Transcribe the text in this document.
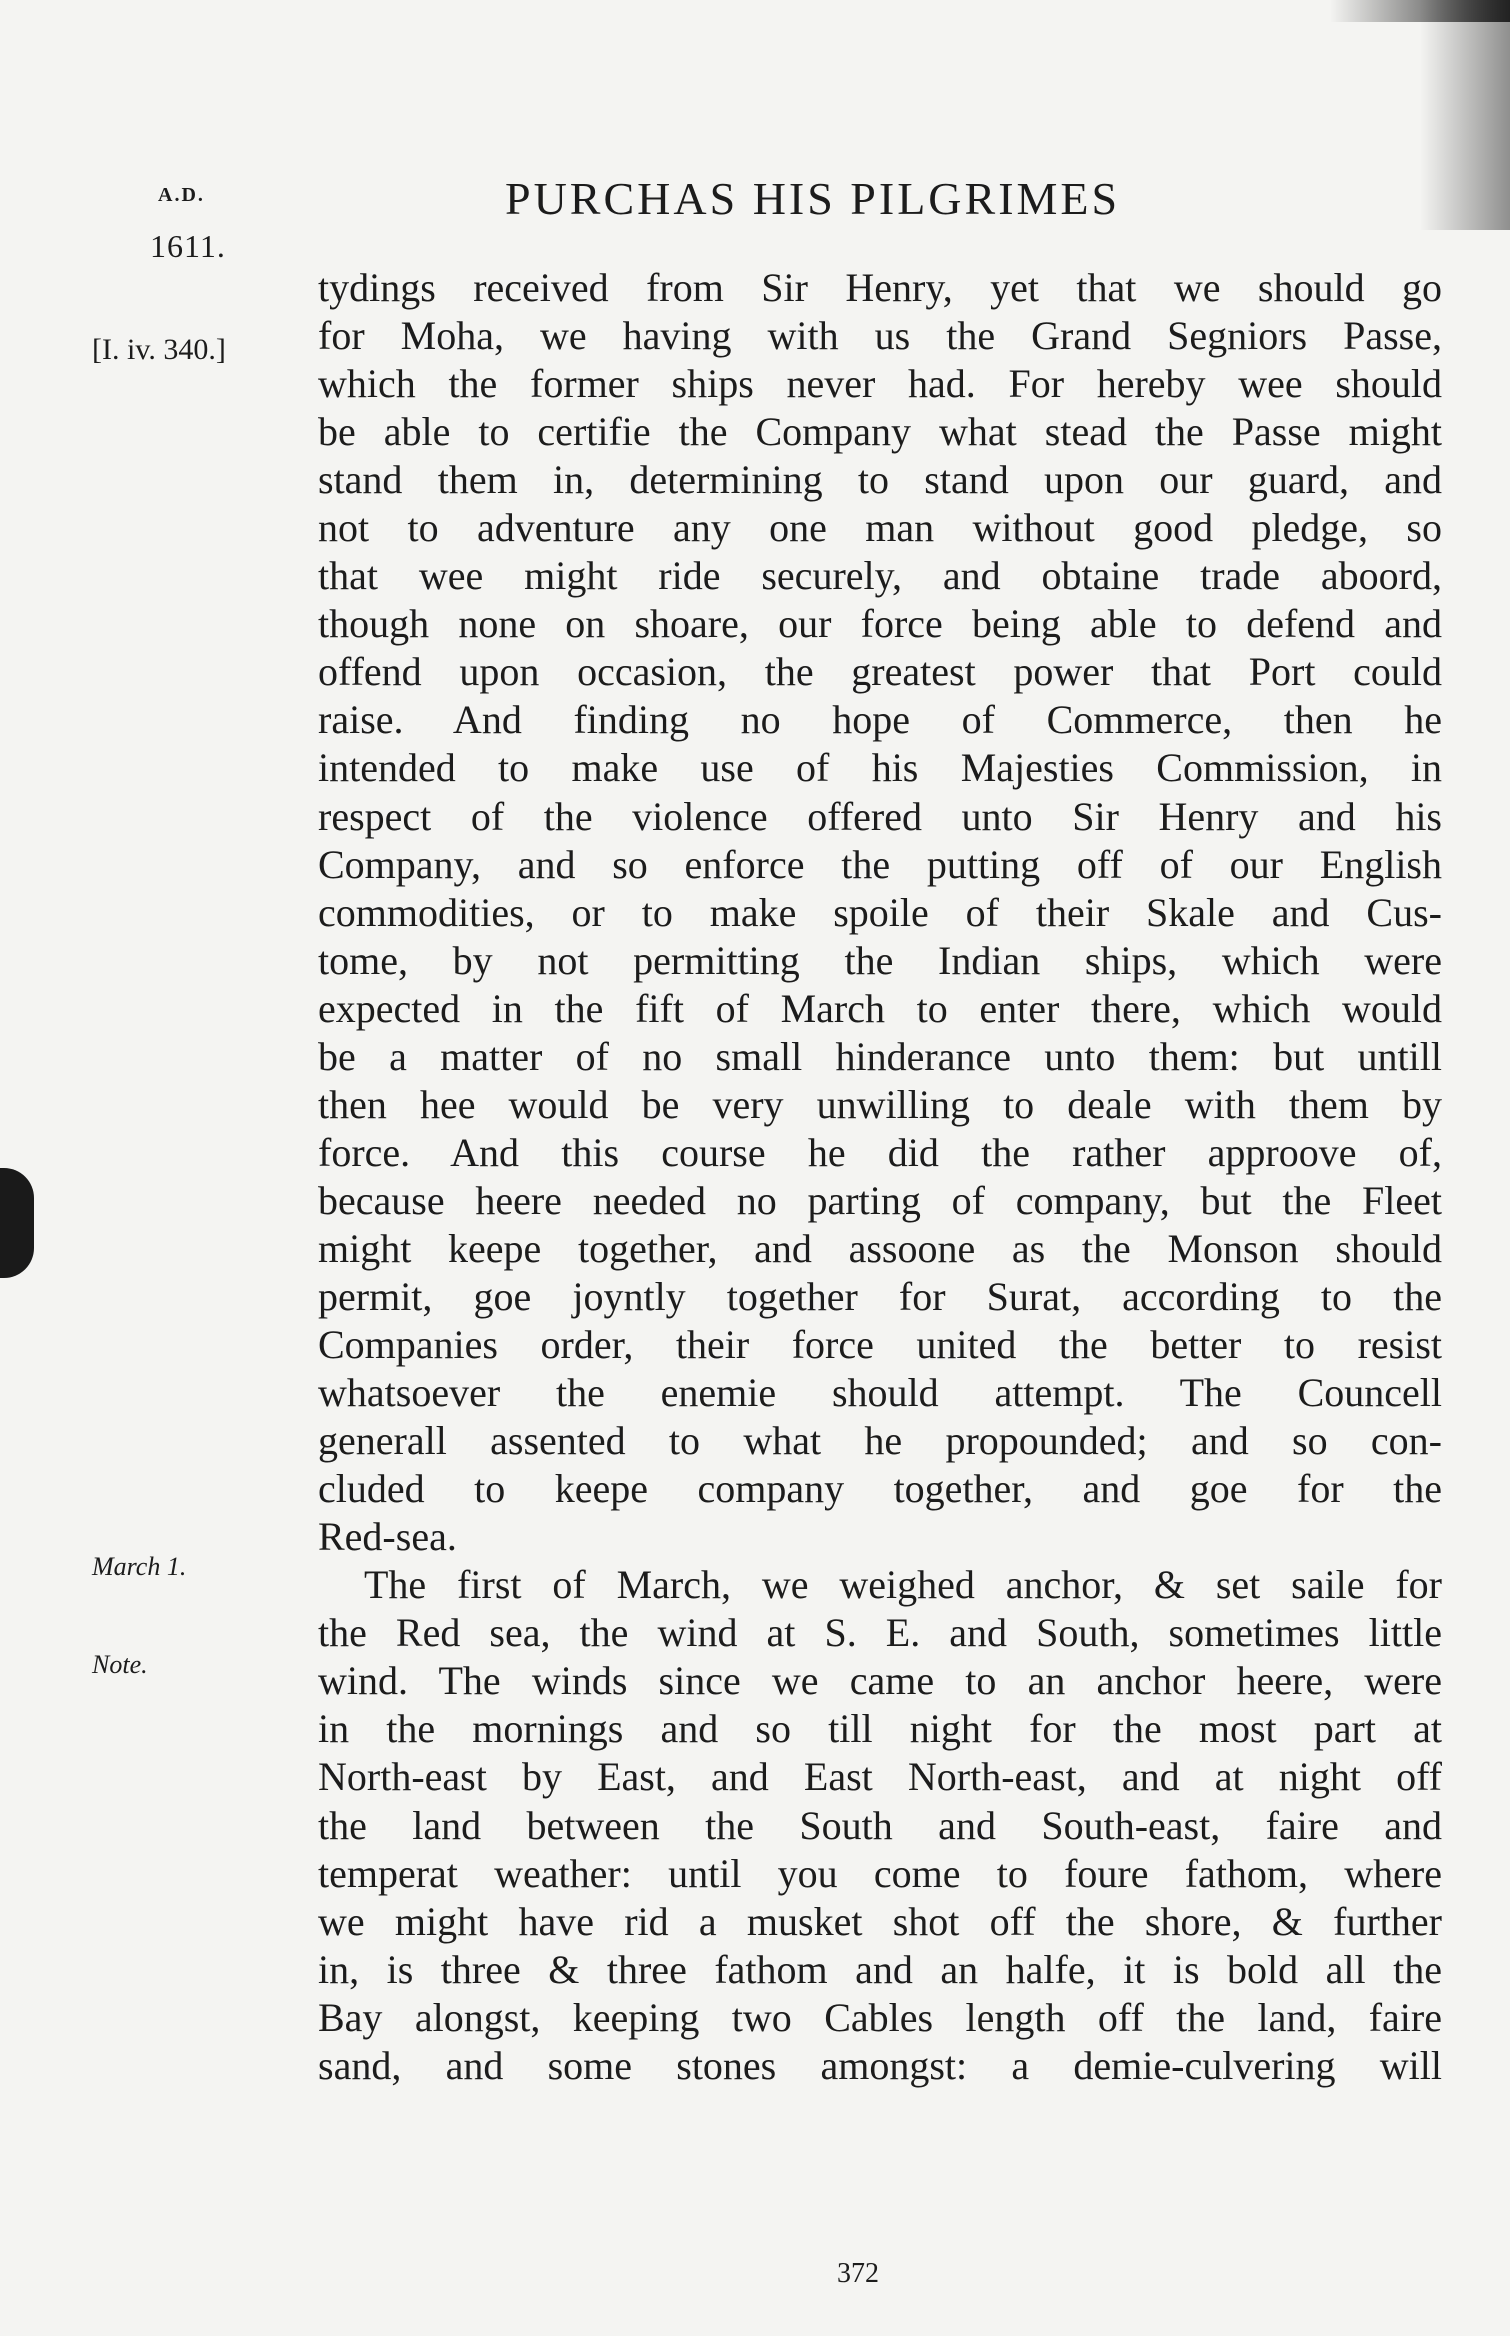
A.D.
1611.
PURCHAS HIS PILGRIMES
[I. iv. 340.]
March 1.
Note.
tydings received from Sir Henry, yet that we should go
for Moha, we having with us the Grand Segniors Passe,
which the former ships never had. For hereby wee should
be able to certifie the Company what stead the Passe might
stand them in, determining to stand upon our guard, and
not to adventure any one man without good pledge, so
that wee might ride securely, and obtaine trade aboord,
though none on shoare, our force being able to defend and
offend upon occasion, the greatest power that Port could
raise. And finding no hope of Commerce, then he
intended to make use of his Majesties Commission, in
respect of the violence offered unto Sir Henry and his
Company, and so enforce the putting off of our English
commodities, or to make spoile of their Skale and Cus-
tome, by not permitting the Indian ships, which were
expected in the fift of March to enter there, which would
be a matter of no small hinderance unto them: but untill
then hee would be very unwilling to deale with them by
force. And this course he did the rather approove of,
because heere needed no parting of company, but the Fleet
might keepe together, and assoone as the Monson should
permit, goe joyntly together for Surat, according to the
Companies order, their force united the better to resist
whatsoever the enemie should attempt. The Councell
generall assented to what he propounded; and so con-
cluded to keepe company together, and goe for the
Red-sea.
The first of March, we weighed anchor, & set saile for
the Red sea, the wind at S. E. and South, sometimes little
wind. The winds since we came to an anchor heere, were
in the mornings and so till night for the most part at
North-east by East, and East North-east, and at night off
the land between the South and South-east, faire and
temperat weather: until you come to foure fathom, where
we might have rid a musket shot off the shore, & further
in, is three & three fathom and an halfe, it is bold all the
Bay alongst, keeping two Cables length off the land, faire
sand, and some stones amongst: a demie-culvering will
372
